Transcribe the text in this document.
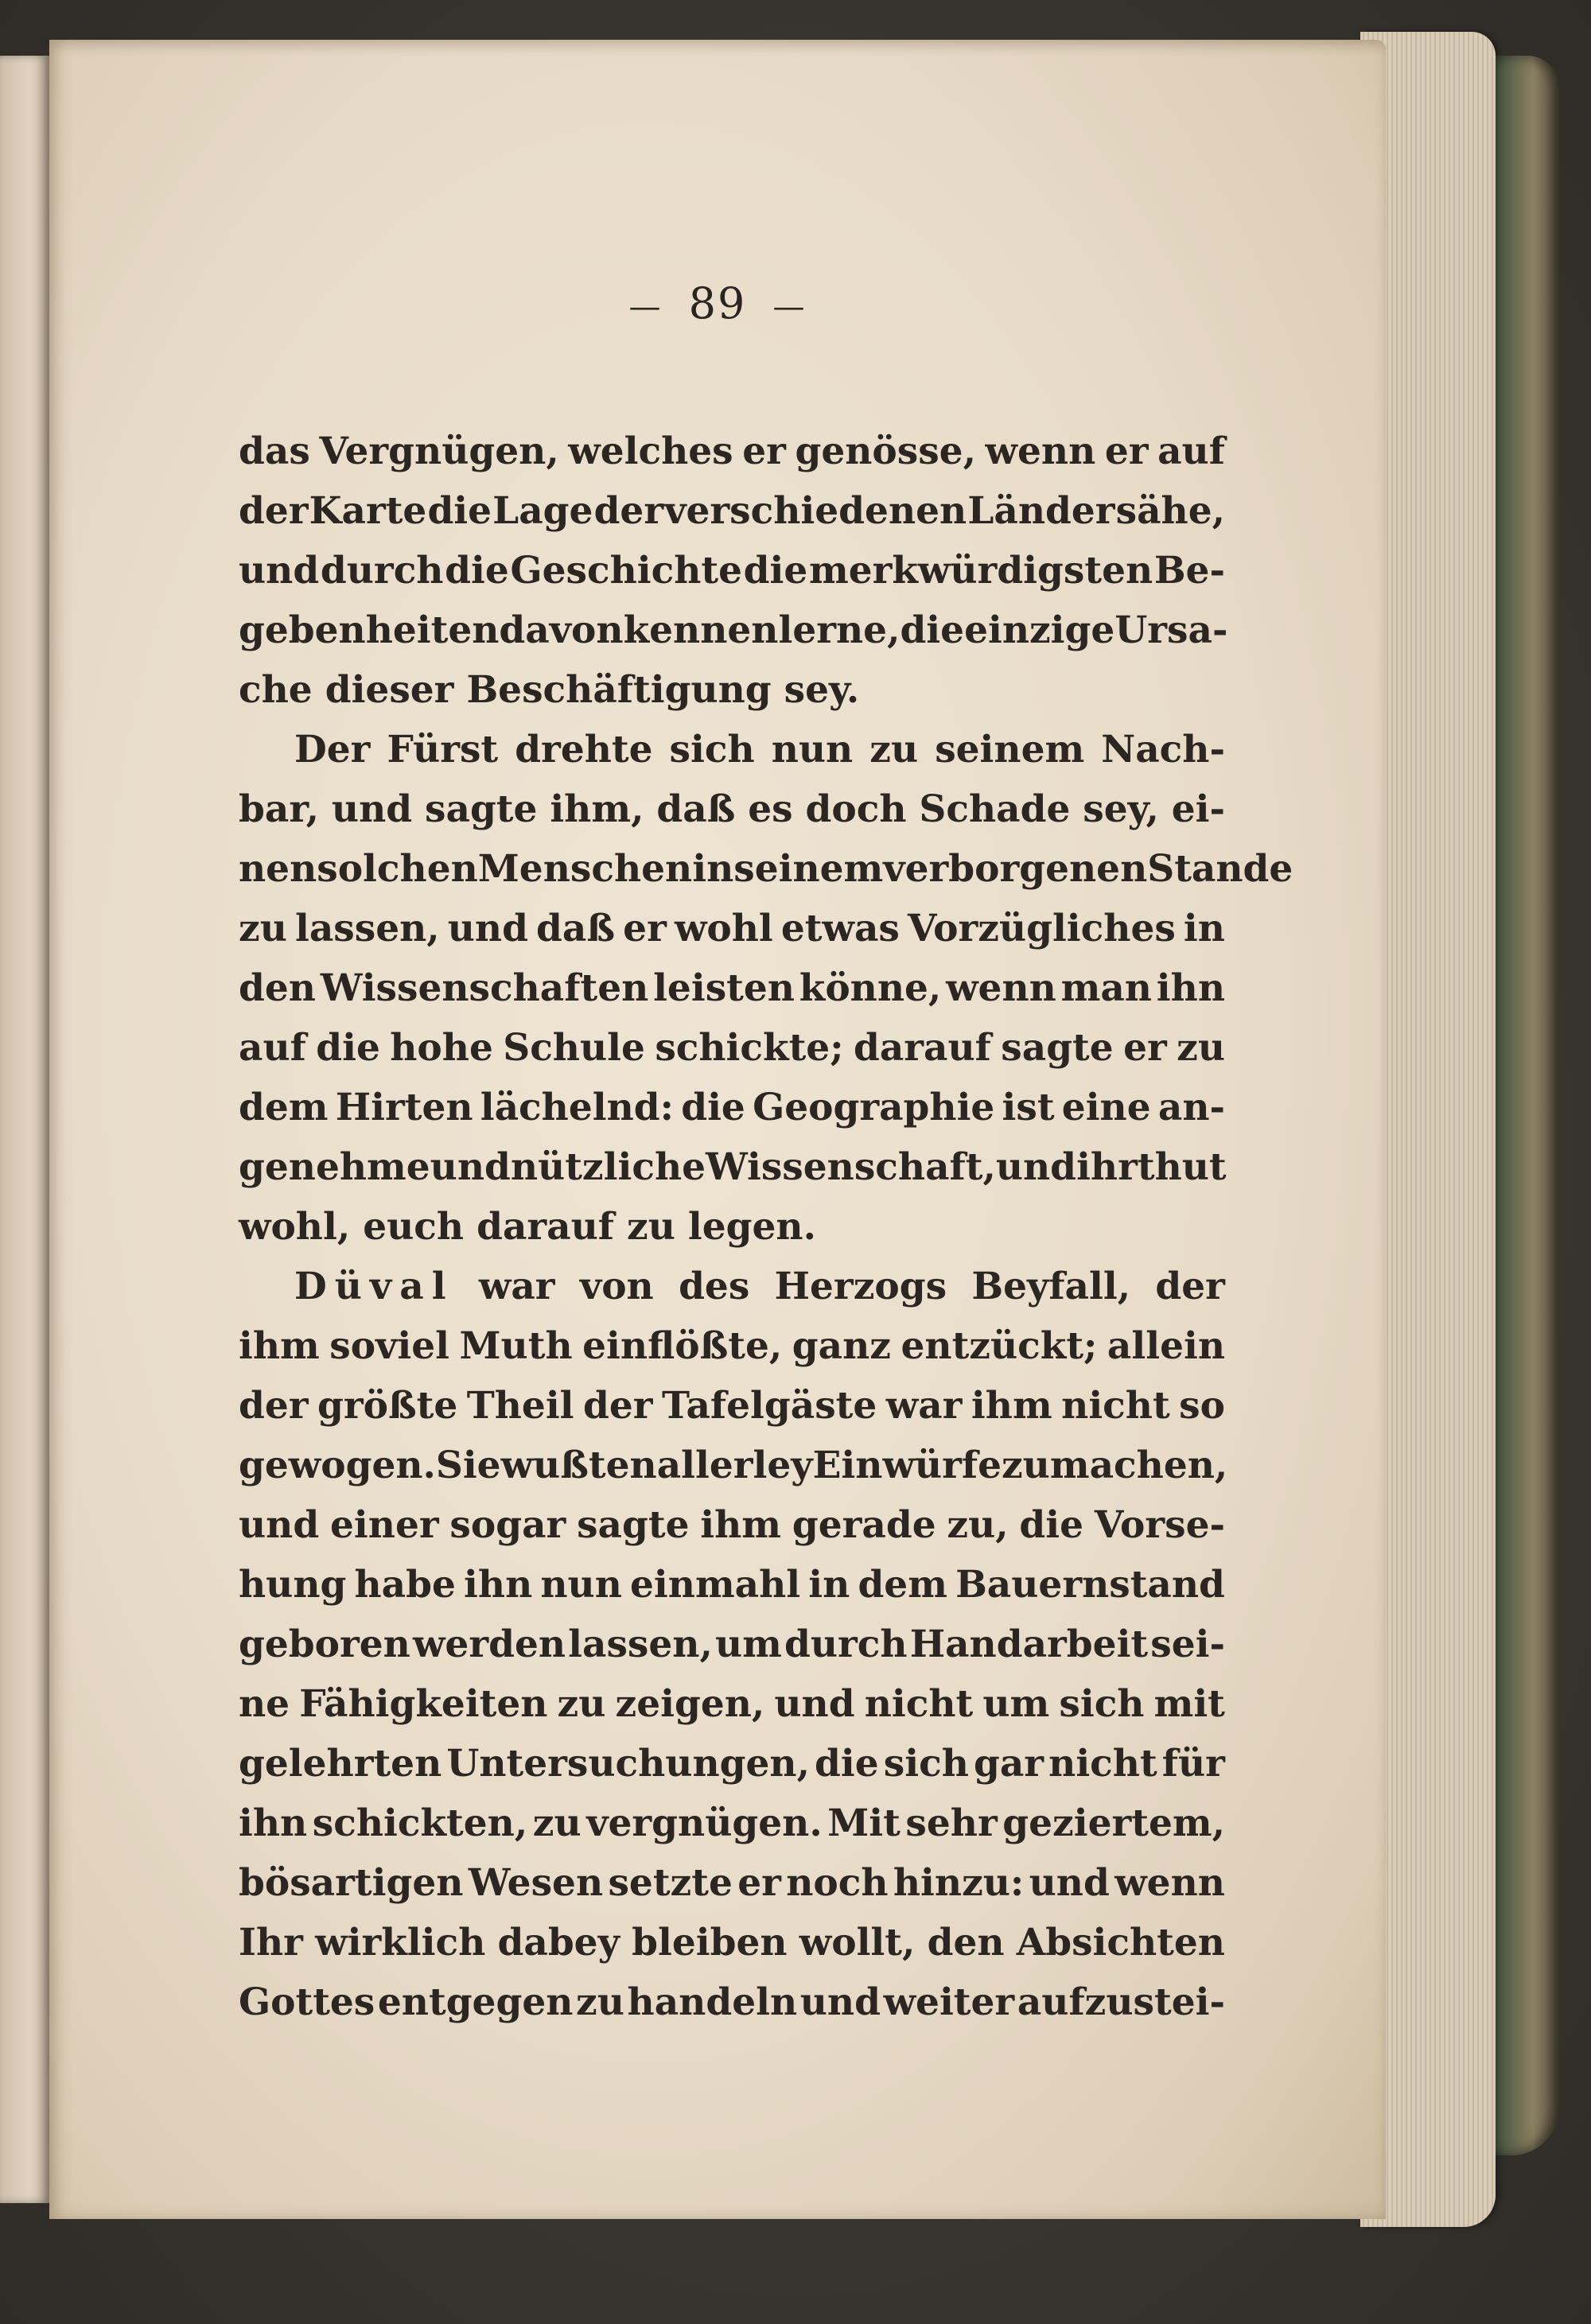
— 89 —
das Vergnügen, welches er genösse, wenn er auf
der Karte die Lage der verschiedenen Länder sähe,
und durch die Geschichte die merkwürdigsten Be-
gebenheiten davon kennen lerne, die einzige Ursa-
che dieser Beschäftigung sey.
Der Fürst drehte sich nun zu seinem Nach-
bar, und sagte ihm, daß es doch Schade sey, ei-
nen solchen Menschen in seinem verborgenen Stande
zu lassen, und daß er wohl etwas Vorzügliches in
den Wissenschaften leisten könne, wenn man ihn
auf die hohe Schule schickte; darauf sagte er zu
dem Hirten lächelnd: die Geographie ist eine an-
genehme und nützliche Wissenschaft, und ihr thut
wohl, euch darauf zu legen.
Düval war von des Herzogs Beyfall, der
ihm soviel Muth einflößte, ganz entzückt; allein
der größte Theil der Tafelgäste war ihm nicht so
gewogen. Sie wußten allerley Einwürfe zu machen,
und einer sogar sagte ihm gerade zu, die Vorse-
hung habe ihn nun einmahl in dem Bauernstand
geboren werden lassen, um durch Handarbeit sei-
ne Fähigkeiten zu zeigen, und nicht um sich mit
gelehrten Untersuchungen, die sich gar nicht für
ihn schickten, zu vergnügen. Mit sehr geziertem,
bösartigen Wesen setzte er noch hinzu: und wenn
Ihr wirklich dabey bleiben wollt, den Absichten
Gottes entgegen zu handeln und weiter aufzustei-
